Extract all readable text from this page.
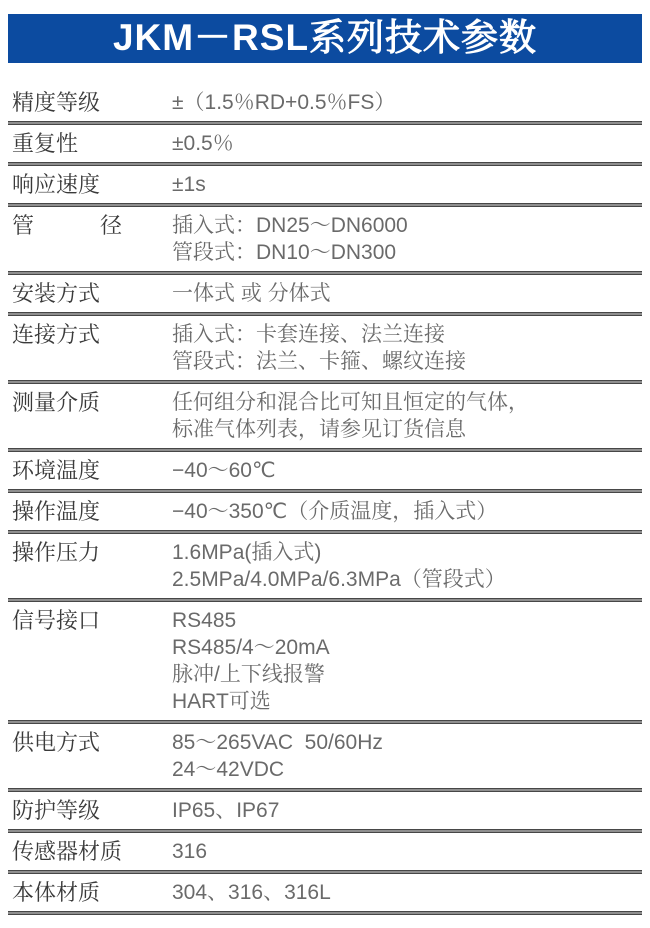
JKM－RSL系列技术参数
精度等级	±（1.5％RD+0.5％FS）
重复性	±0.5％
响应速度	±1s
管　　　径	插入式：DN25～DN6000
管段式：DN10～DN300
安装方式	一体式 或 分体式
连接方式	插入式：卡套连接、法兰连接
管段式：法兰、卡箍、螺纹连接
测量介质	任何组分和混合比可知且恒定的气体，
标准气体列表，请参见订货信息
环境温度	−40～60℃
操作温度	−40～350℃（介质温度，插入式）
操作压力	1.6MPa(插入式)
2.5MPa/4.0MPa/6.3MPa（管段式）
信号接口	RS485
RS485/4～20mA
脉冲/上下线报警
HART可选
供电方式	85～265VAC  50/60Hz
24～42VDC
防护等级	IP65、IP67
传感器材质	316
本体材质	304、316、316L
